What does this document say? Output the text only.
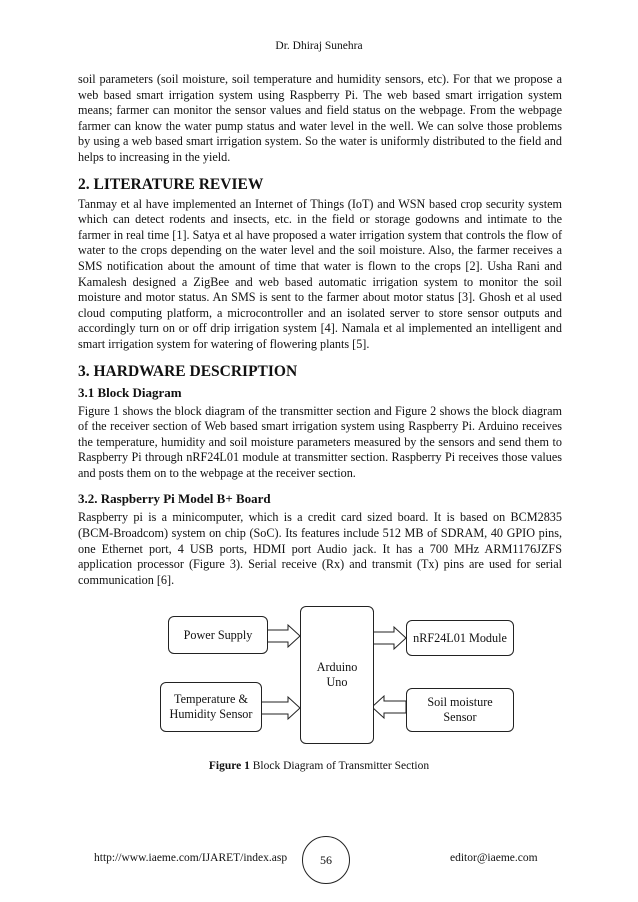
Dr. Dhiraj Sunehra

soil parameters (soil moisture, soil temperature and humidity sensors, etc). For that we propose a web based smart irrigation system using Raspberry Pi. The web based smart irrigation system means; farmer can monitor the sensor values and field status on the webpage. From the webpage farmer can know the water pump status and water level in the well. We can solve those problems by using a web based smart irrigation system. So the water is uniformly distributed to the field and helps to increasing in the yield.

2. LITERATURE REVIEW

Tanmay et al have implemented an Internet of Things (IoT) and WSN based crop security system which can detect rodents and insects, etc. in the field or storage godowns and intimate to the farmer in real time [1]. Satya et al have proposed a water irrigation system that controls the flow of water to the crops depending on the water level and the soil moisture. Also, the farmer receives a SMS notification about the amount of time that water is flown to the crops [2]. Usha Rani and Kamalesh designed a ZigBee and web based automatic irrigation system to monitor the soil moisture and motor status. An SMS is sent to the farmer about motor status [3]. Ghosh et al used cloud computing platform, a microcontroller and an isolated server to store sensor outputs and accordingly turn on or off drip irrigation system [4]. Namala et al implemented an intelligent and smart irrigation system for watering of flowering plants [5].

3. HARDWARE DESCRIPTION
3.1 Block Diagram

Figure 1 shows the block diagram of the transmitter section and Figure 2 shows the block diagram of the receiver section of Web based smart irrigation system using Raspberry Pi. Arduino receives the temperature, humidity and soil moisture parameters measured by the sensors and send them to Raspberry Pi through nRF24L01 module at transmitter section. Raspberry Pi receives those values and posts them on to the webpage at the receiver section.

3.2. Raspberry Pi Model B+ Board

Raspberry pi is a minicomputer, which is a credit card sized board. It is based on BCM2835 (BCM-Broadcom) system on chip (SoC). Its features include 512 MB of SDRAM, 40 GPIO pins, one Ethernet port, 4 USB ports, HDMI port Audio jack. It has a 700 MHz ARM1176JZFS application processor (Figure 3). Serial receive (Rx) and transmit (Tx) pins are used for serial communication [6].

Power Supply
Temperature &
Humidity Sensor
Arduino
Uno
nRF24L01 Module
Soil moisture
Sensor
Figure 1 Block Diagram of Transmitter Section
http://www.iaeme.com/IJARET/index.asp	editor@iaeme.com
56
